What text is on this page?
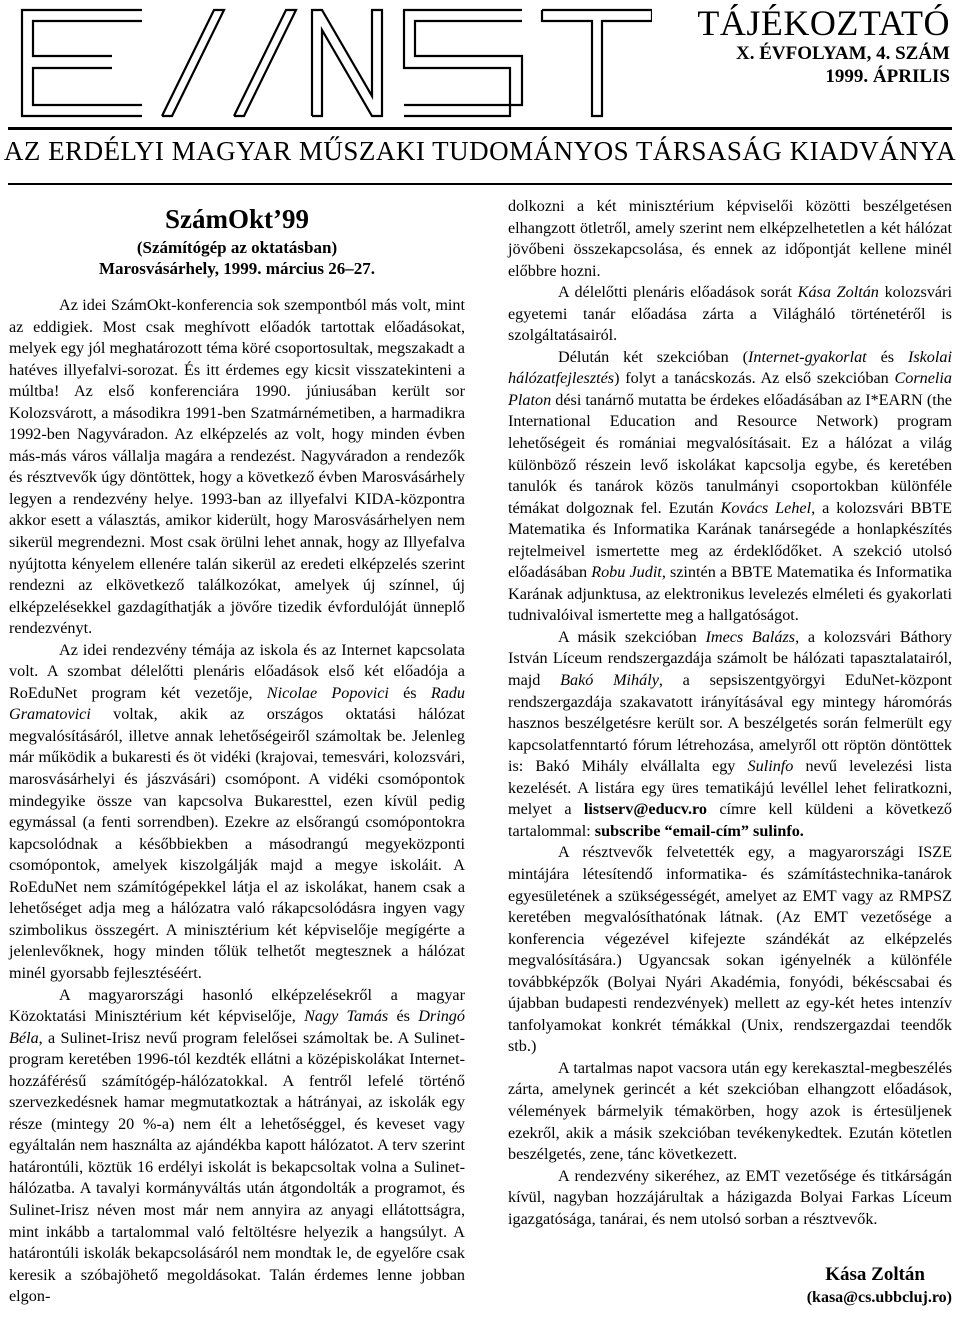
TÁJÉKOZTATÓ
X. ÉVFOLYAM, 4. SZÁM
1999. ÁPRILIS
AZ ERDÉLYI MAGYAR MŰSZAKI TUDOMÁNYOS TÁRSASÁG KIADVÁNYA
SzámOkt’99
(Számítógép az oktatásban)
Marosvásárhely, 1999. március 26–27.

Az idei SzámOkt-konferencia sok szempontból más volt, mint az eddigiek. Most csak meghívott előadók tartottak előadásokat, melyek egy jól meghatározott téma köré csoportosultak, megszakadt a hatéves illyefalvi-sorozat. És itt érdemes egy kicsit visszatekinteni a múltba! Az első konferenciára 1990. júniusában került sor Kolozsvárott, a másodikra 1991-ben Szatmárnémetiben, a harmadikra 1992-ben Nagyváradon. Az elképzelés az volt, hogy minden évben más-más város vállalja magára a rendezést. Nagyváradon a rendezők és résztvevők úgy döntöttek, hogy a következő évben Marosvásárhely legyen a rendezvény helye. 1993-ban az illyefalvi KIDA-központra akkor esett a választás, amikor kiderült, hogy Marosvásárhelyen nem sikerül megrendezni. Most csak örülni lehet annak, hogy az Illyefalva nyújtotta kényelem ellenére talán sikerül az eredeti elképzelés szerint rendezni az elkövetkező találkozókat, amelyek új színnel, új elképzelésekkel gazdagíthatják a jövőre tizedik évfordulóját ünneplő rendezvényt.

Az idei rendezvény témája az iskola és az Internet kapcsolata volt. A szombat délelőtti plenáris előadások első két előadója a RoEduNet program két vezetője, Nicolae Popovici és Radu Gramatovici voltak, akik az országos oktatási hálózat megvalósításáról, illetve annak lehetőségeiről számoltak be. Jelenleg már működik a bukaresti és öt vidéki (krajovai, temesvári, kolozsvári, marosvásárhelyi és jászvásári) csomópont. A vidéki csomópontok mindegyike össze van kapcsolva Bukaresttel, ezen kívül pedig egymással (a fenti sorrendben). Ezekre az elsőrangú csomópontokra kapcsolódnak a későbbiekben a másodrangú megyeközponti csomópontok, amelyek kiszolgálják majd a megye iskoláit. A RoEduNet nem számítógépekkel látja el az iskolákat, hanem csak a lehetőséget adja meg a hálózatra való rákapcsolódásra ingyen vagy szimbolikus összegért. A minisztérium két képviselője megígérte a jelenlevőknek, hogy minden tőlük telhetőt megtesznek a hálózat minél gyorsabb fejlesztéséért.

A magyarországi hasonló elképzelésekről a magyar Közoktatási Minisztérium két képviselője, Nagy Tamás és Dringó Béla, a Sulinet-Irisz nevű program felelősei számoltak be. A Sulinet-program keretében 1996-tól kezdték ellátni a középiskolákat Internet-hozzáférésű számítógép-hálózatokkal. A fentről lefelé történő szervezkedésnek hamar megmutatkoztak a hátrányai, az iskolák egy része (mintegy 20 %-a) nem élt a lehetőséggel, és keveset vagy egyáltalán nem használta az ajándékba kapott hálózatot. A terv szerint határontúli, köztük 16 erdélyi iskolát is bekapcsoltak volna a Sulinet-hálózatba. A tavalyi kormányváltás után átgondolták a programot, és Sulinet-Irisz néven most már nem annyira az anyagi ellátottságra, mint inkább a tartalommal való feltöltésre helyezik a hangsúlyt. A határontúli iskolák bekapcsolásáról nem mondtak le, de egyelőre csak keresik a szóbajöhető megoldásokat. Talán érdemes lenne jobban elgon-

dolkozni a két minisztérium képviselői közötti beszélgetésen elhangzott ötletről, amely szerint nem elképzelhetetlen a két hálózat jövőbeni összekapcsolása, és ennek az időpontját kellene minél előbbre hozni.

A délelőtti plenáris előadások sorát Kása Zoltán kolozsvári egyetemi tanár előadása zárta a Világháló történetéről is szolgáltatásairól.

Délután két szekcióban (Internet-gyakorlat és Iskolai hálózatfejlesztés) folyt a tanácskozás. Az első szekcióban Cornelia Platon dési tanárnő mutatta be érdekes előadásában az I*EARN (the International Education and Resource Network) program lehetőségeit és romániai megvalósításait. Ez a hálózat a világ különböző részein levő iskolákat kapcsolja egybe, és keretében tanulók és tanárok közös tanulmányi csoportokban különféle témákat dolgoznak fel. Ezután Kovács Lehel, a kolozsvári BBTE Matematika és Informatika Karának tanársegéde a honlapkészítés rejtelmeivel ismertette meg az érdeklődőket. A szekció utolsó előadásában Robu Judit, szintén a BBTE Matematika és Informatika Karának adjunktusa, az elektronikus levelezés elméleti és gyakorlati tudnivalóival ismertette meg a hallgatóságot.

A másik szekcióban Imecs Balázs, a kolozsvári Báthory István Líceum rendszergazdája számolt be hálózati tapasztalatairól, majd Bakó Mihály, a sepsiszentgyörgyi EduNet-központ rendszergazdája szakavatott irányításával egy mintegy háromórás hasznos beszélgetésre került sor. A beszélgetés során felmerült egy kapcsolatfenntartó fórum létrehozása, amelyről ott röptön döntöttek is: Bakó Mihály elvállalta egy Sulinfo nevű levelezési lista kezelését. A listára egy üres tematikájú levéllel lehet feliratkozni, melyet a listserv@educv.ro címre kell küldeni a következő tartalommal: subscribe “email-cím” sulinfo.

A résztvevők felvetették egy, a magyarországi ISZE mintájára létesítendő informatika- és számítástechnika-tanárok egyesületének a szükségességét, amelyet az EMT vagy az RMPSZ keretében megvalósíthatónak látnak. (Az EMT vezetősége a konferencia végezével kifejezte szándékát az elképzelés megvalósítására.) Ugyancsak sokan igényelnék a különféle továbbképzők (Bolyai Nyári Akadémia, fonyódi, békéscsabai és újabban budapesti rendezvények) mellett az egy-két hetes intenzív tanfolyamokat konkrét témákkal (Unix, rendszergazdai teendők stb.)

A tartalmas napot vacsora után egy kerekasztal-megbeszélés zárta, amelynek gerincét a két szekcióban elhangzott előadások, vélemények bármelyik témakörben, hogy azok is értesüljenek ezekről, akik a másik szekcióban tevékenykedtek. Ezután kötetlen beszélgetés, zene, tánc következett.

A rendezvény sikeréhez, az EMT vezetősége és titkárságán kívül, nagyban hozzájárultak a házigazda Bolyai Farkas Líceum igazgatósága, tanárai, és nem utolsó sorban a résztvevők.

Kása Zoltán
(kasa@cs.ubbcluj.ro)
